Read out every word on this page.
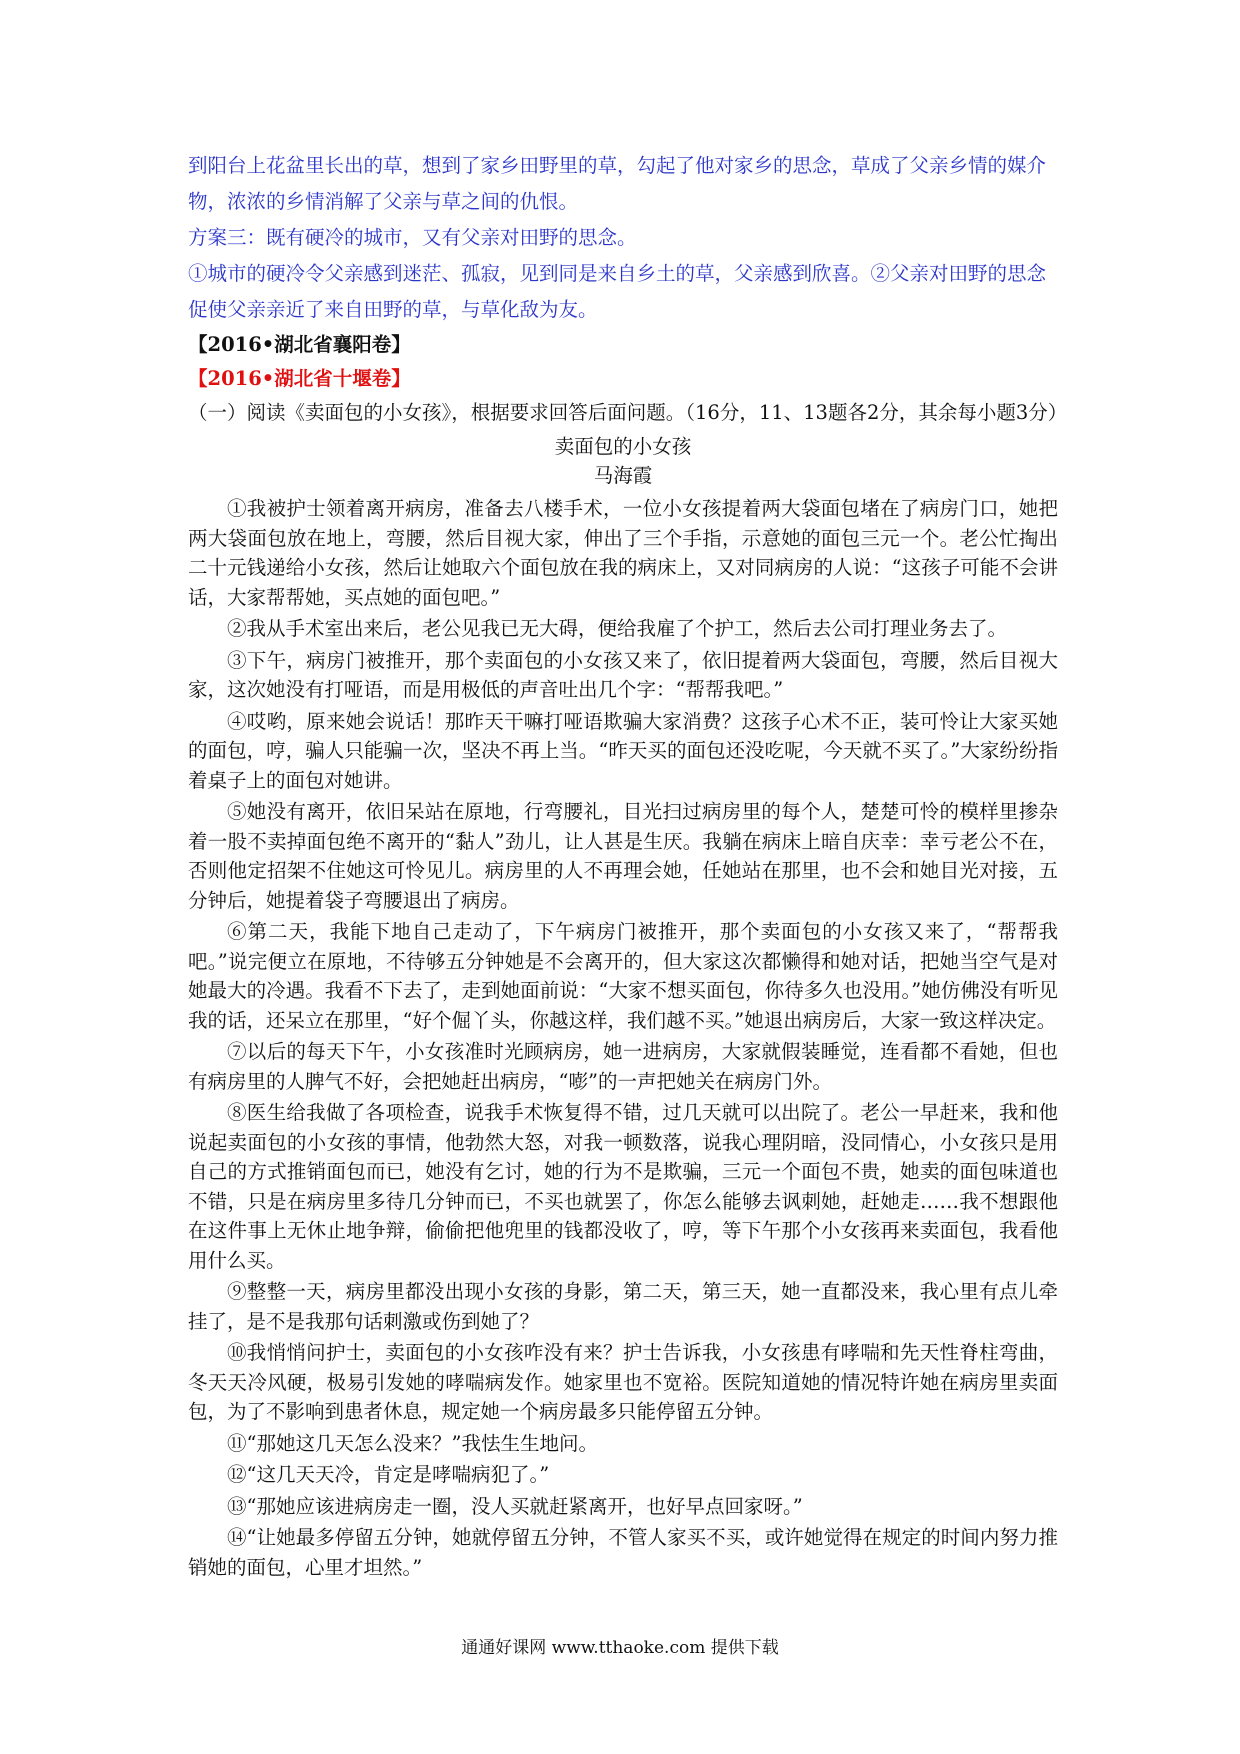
到阳台上花盆里长出的草，想到了家乡田野里的草，勾起了他对家乡的思念，草成了父亲乡情的媒介物，浓浓的乡情消解了父亲与草之间的仇恨。

方案三：既有硬冷的城市，又有父亲对田野的思念。

①城市的硬冷令父亲感到迷茫、孤寂，见到同是来自乡土的草，父亲感到欣喜。②父亲对田野的思念促使父亲亲近了来自田野的草，与草化敌为友。

【2016•湖北省襄阳卷】

【2016•湖北省十堰卷】

（一）阅读《卖面包的小女孩》，根据要求回答后面问题。（16分，11、13题各2分，其余每小题3分）

卖面包的小女孩

马海霞

①我被护士领着离开病房，准备去八楼手术，一位小女孩提着两大袋面包堵在了病房门口，她把两大袋面包放在地上，弯腰，然后目视大家，伸出了三个手指，示意她的面包三元一个。老公忙掏出二十元钱递给小女孩，然后让她取六个面包放在我的病床上，又对同病房的人说：“这孩子可能不会讲话，大家帮帮她，买点她的面包吧。”

②我从手术室出来后，老公见我已无大碍，便给我雇了个护工，然后去公司打理业务去了。

③下午，病房门被推开，那个卖面包的小女孩又来了，依旧提着两大袋面包，弯腰，然后目视大家，这次她没有打哑语，而是用极低的声音吐出几个字：“帮帮我吧。”

④哎哟，原来她会说话！那昨天干嘛打哑语欺骗大家消费？这孩子心术不正，装可怜让大家买她的面包，哼，骗人只能骗一次，坚决不再上当。“昨天买的面包还没吃呢，今天就不买了。”大家纷纷指着桌子上的面包对她讲。

⑤她没有离开，依旧呆站在原地，行弯腰礼，目光扫过病房里的每个人，楚楚可怜的模样里掺杂着一股不卖掉面包绝不离开的“黏人”劲儿，让人甚是生厌。我躺在病床上暗自庆幸：幸亏老公不在，否则他定招架不住她这可怜见儿。病房里的人不再理会她，任她站在那里，也不会和她目光对接，五分钟后，她提着袋子弯腰退出了病房。

⑥第二天，我能下地自己走动了，下午病房门被推开，那个卖面包的小女孩又来了，“帮帮我吧。”说完便立在原地，不待够五分钟她是不会离开的，但大家这次都懒得和她对话，把她当空气是对她最大的冷遇。我看不下去了，走到她面前说：“大家不想买面包，你待多久也没用。”她仿佛没有听见我的话，还呆立在那里，“好个倔丫头，你越这样，我们越不买。”她退出病房后，大家一致这样决定。

⑦以后的每天下午，小女孩准时光顾病房，她一进病房，大家就假装睡觉，连看都不看她，但也有病房里的人脾气不好，会把她赶出病房，“嘭”的一声把她关在病房门外。

⑧医生给我做了各项检查，说我手术恢复得不错，过几天就可以出院了。老公一早赶来，我和他说起卖面包的小女孩的事情，他勃然大怒，对我一顿数落，说我心理阴暗，没同情心，小女孩只是用自己的方式推销面包而已，她没有乞讨，她的行为不是欺骗，三元一个面包不贵，她卖的面包味道也不错，只是在病房里多待几分钟而已，不买也就罢了，你怎么能够去讽刺她，赶她走……我不想跟他在这件事上无休止地争辩，偷偷把他兜里的钱都没收了，哼，等下午那个小女孩再来卖面包，我看他用什么买。

⑨整整一天，病房里都没出现小女孩的身影，第二天，第三天，她一直都没来，我心里有点儿牵挂了，是不是我那句话刺激或伤到她了？

⑩我悄悄问护士，卖面包的小女孩咋没有来？护士告诉我，小女孩患有哮喘和先天性脊柱弯曲，冬天天冷风硬，极易引发她的哮喘病发作。她家里也不宽裕。医院知道她的情况特许她在病房里卖面包，为了不影响到患者休息，规定她一个病房最多只能停留五分钟。

⑪“那她这几天怎么没来？”我怯生生地问。

⑫“这几天天冷，肯定是哮喘病犯了。”

⑬“那她应该进病房走一圈，没人买就赶紧离开，也好早点回家呀。”

⑭“让她最多停留五分钟，她就停留五分钟，不管人家买不买，或许她觉得在规定的时间内努力推销她的面包，心里才坦然。”

通通好课网 www.tthaoke.com 提供下载
